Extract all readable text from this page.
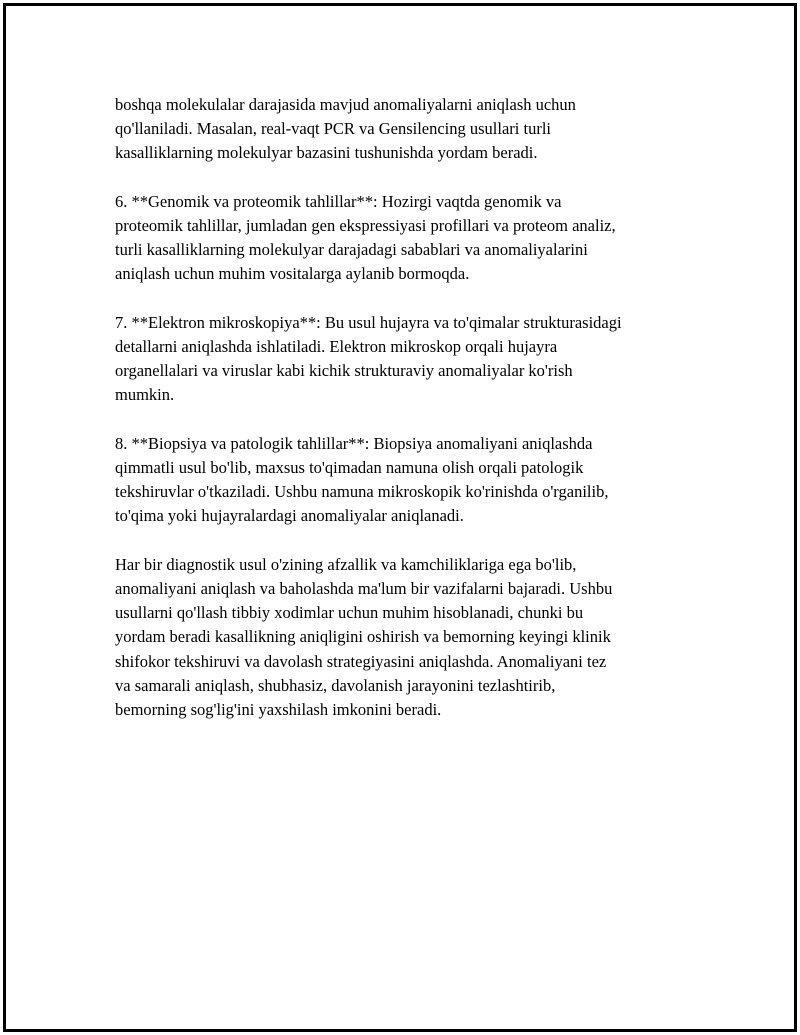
boshqa molekulalar darajasida mavjud anomaliyalarni aniqlash uchun
qo'llaniladi. Masalan, real-vaqt PCR va Gensilencing usullari turli
kasalliklarning molekulyar bazasini tushunishda yordam beradi.

6. **Genomik va proteomik tahlillar**: Hozirgi vaqtda genomik va
proteomik tahlillar, jumladan gen ekspressiyasi profillari va proteom analiz,
turli kasalliklarning molekulyar darajadagi sabablari va anomaliyalarini
aniqlash uchun muhim vositalarga aylanib bormoqda.

7. **Elektron mikroskopiya**: Bu usul hujayra va to'qimalar strukturasidagi
detallarni aniqlashda ishlatiladi. Elektron mikroskop orqali hujayra
organellalari va viruslar kabi kichik strukturaviy anomaliyalar ko'rish
mumkin.

8. **Biopsiya va patologik tahlillar**: Biopsiya anomaliyani aniqlashda
qimmatli usul bo'lib, maxsus to'qimadan namuna olish orqali patologik
tekshiruvlar o'tkaziladi. Ushbu namuna mikroskopik ko'rinishda o'rganilib,
to'qima yoki hujayralardagi anomaliyalar aniqlanadi.

Har bir diagnostik usul o'zining afzallik va kamchiliklariga ega bo'lib,
anomaliyani aniqlash va baholashda ma'lum bir vazifalarni bajaradi. Ushbu
usullarni qo'llash tibbiy xodimlar uchun muhim hisoblanadi, chunki bu
yordam beradi kasallikning aniqligini oshirish va bemorning keyingi klinik
shifokor tekshiruvi va davolash strategiyasini aniqlashda. Anomaliyani tez
va samarali aniqlash, shubhasiz, davolanish jarayonini tezlashtirib,
bemorning sog'lig'ini yaxshilash imkonini beradi.
